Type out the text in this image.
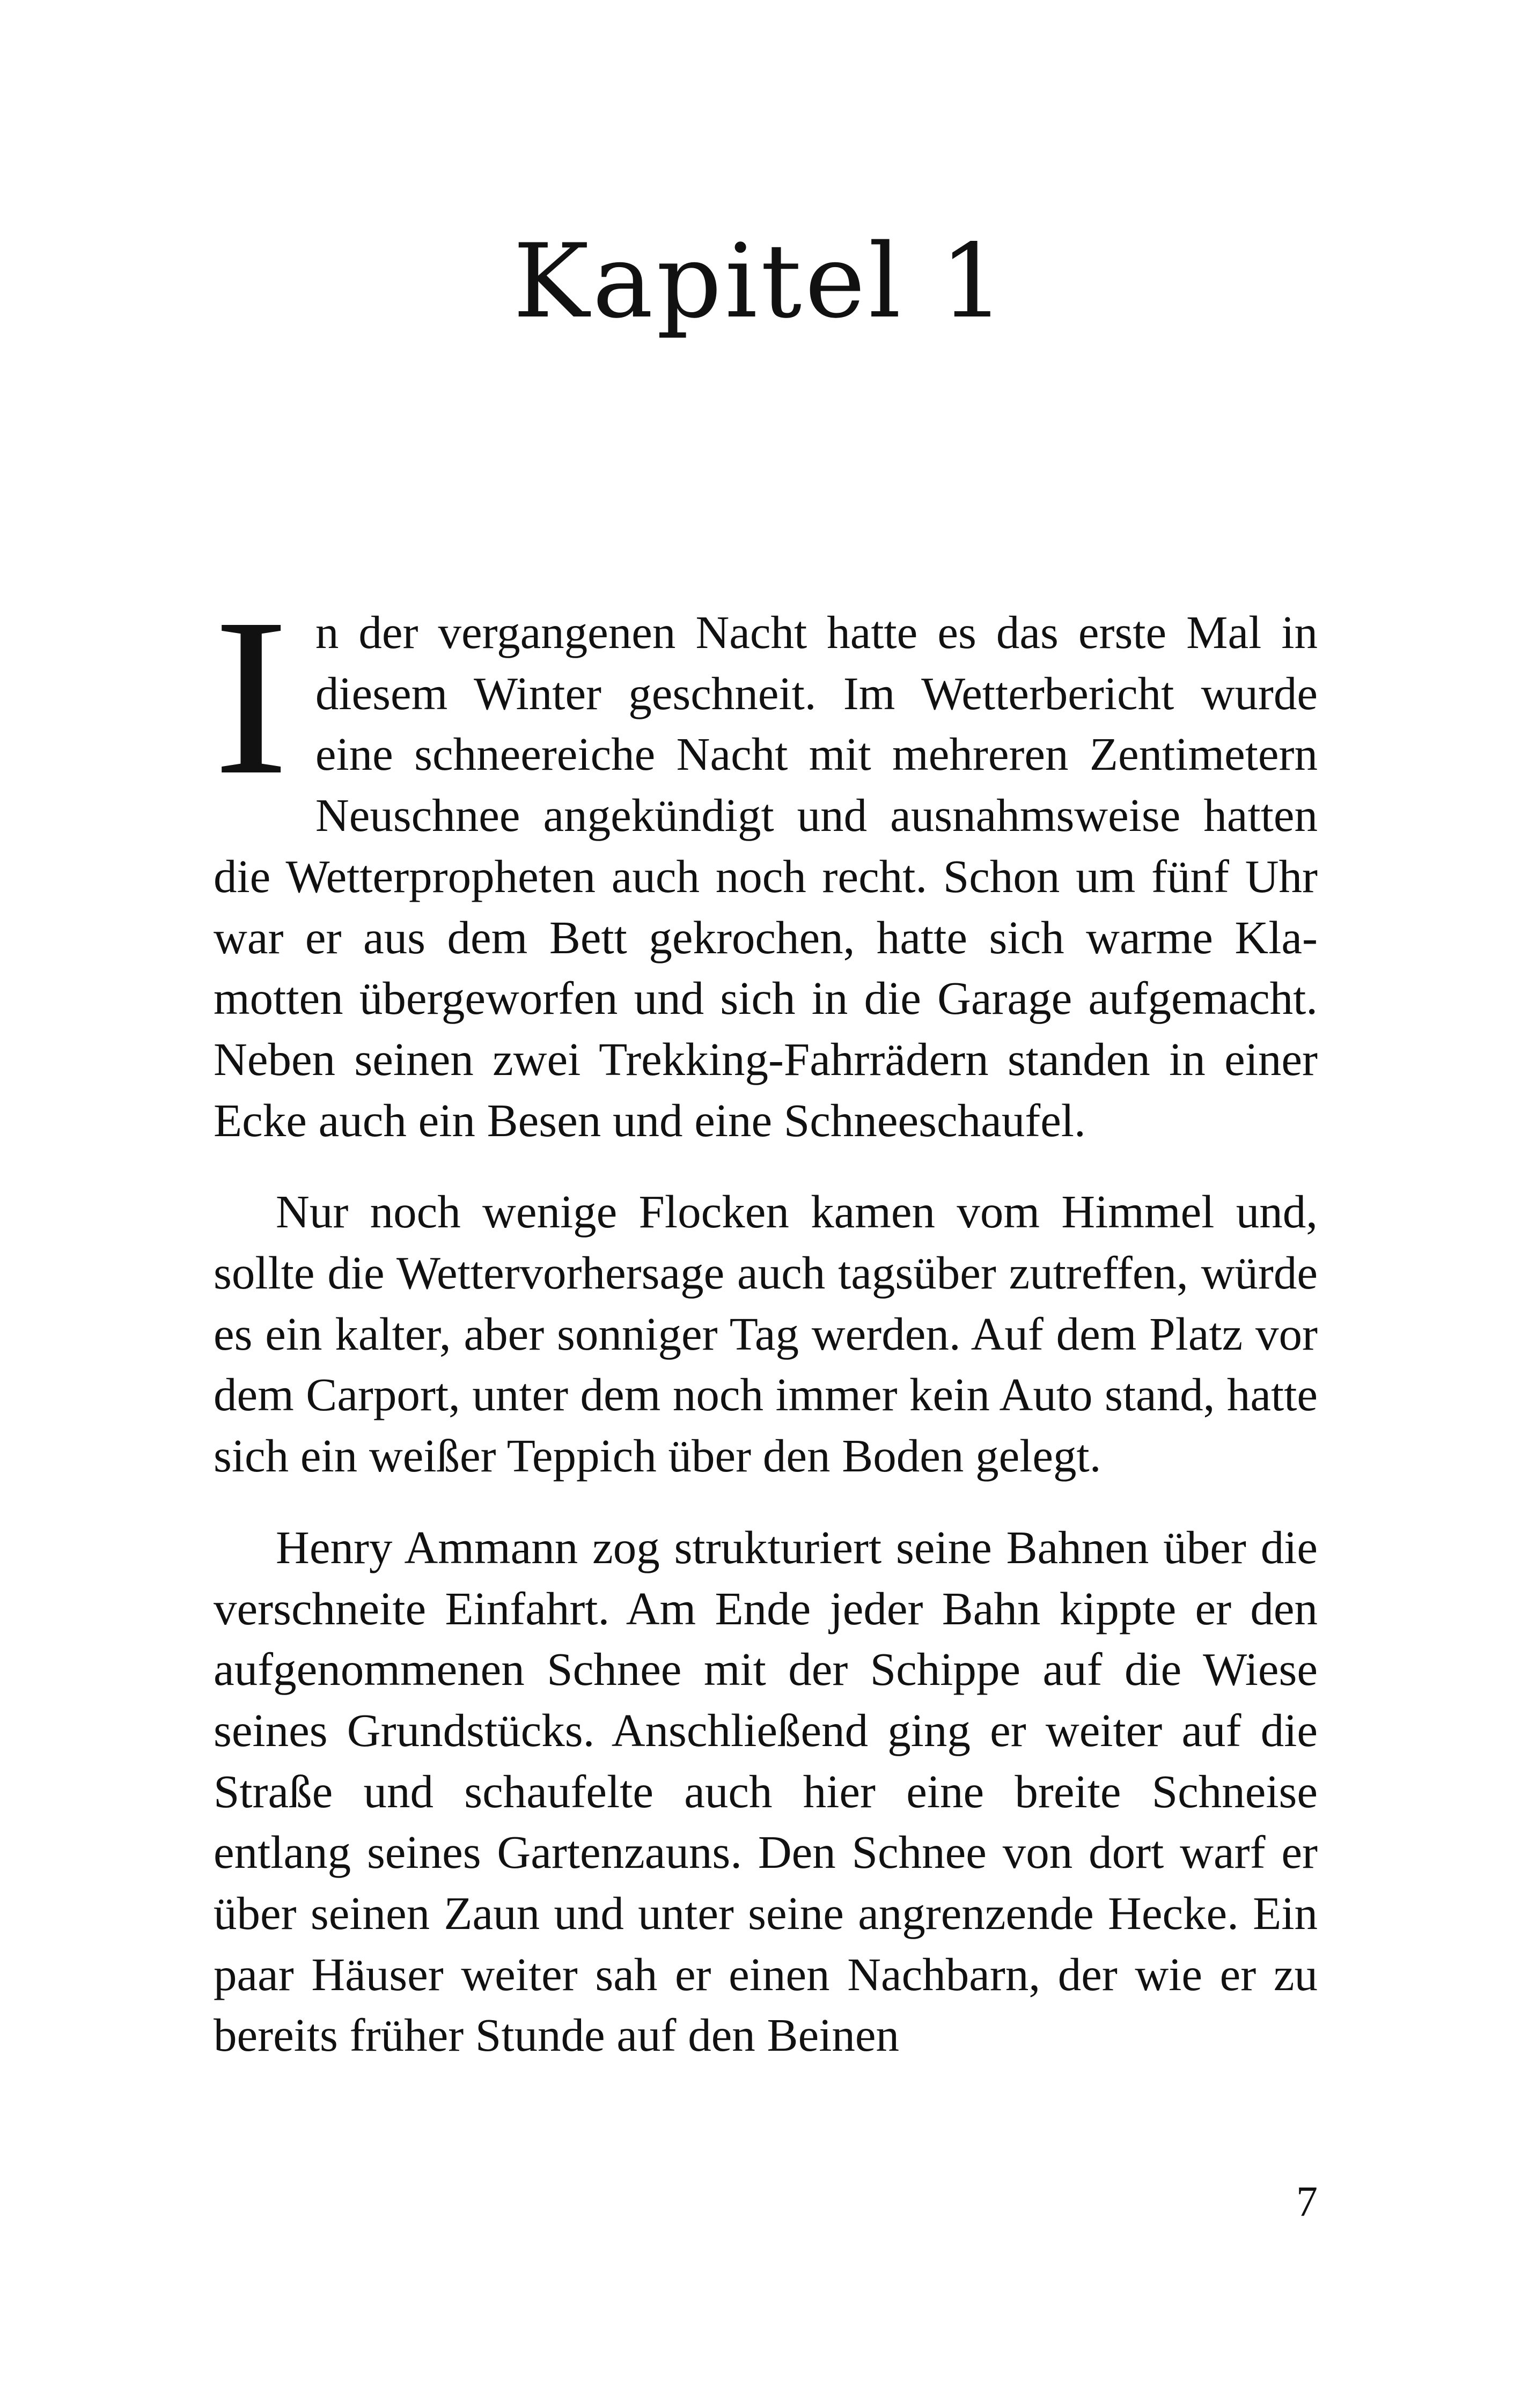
Kapitel 1

In der vergangenen Nacht hatte es das erste Mal in diesem Winter geschneit. Im Wetterbericht wurde eine schneereiche Nacht mit mehreren Zentimetern Neuschnee angekündigt und ausnahmsweise hatten die Wetterpropheten auch noch recht. Schon um fünf Uhr war er aus dem Bett gekrochen, hatte sich warme Klamotten übergeworfen und sich in die Garage aufgemacht. Neben seinen zwei Trekking-Fahrrädern standen in einer Ecke auch ein Besen und eine Schneeschaufel.

Nur noch wenige Flocken kamen vom Himmel und, sollte die Wettervorhersage auch tagsüber zutreffen, würde es ein kalter, aber sonniger Tag werden. Auf dem Platz vor dem Carport, unter dem noch immer kein Auto stand, hatte sich ein weißer Teppich über den Boden gelegt.

Henry Ammann zog strukturiert seine Bahnen über die verschneite Einfahrt. Am Ende jeder Bahn kippte er den aufgenommenen Schnee mit der Schippe auf die Wiese seines Grundstücks. Anschließend ging er weiter auf die Straße und schaufelte auch hier eine breite Schneise entlang seines Gartenzauns. Den Schnee von dort warf er über seinen Zaun und unter seine angrenzende Hecke. Ein paar Häuser weiter sah er einen Nachbarn, der wie er zu bereits früher Stunde auf den Beinen

7
